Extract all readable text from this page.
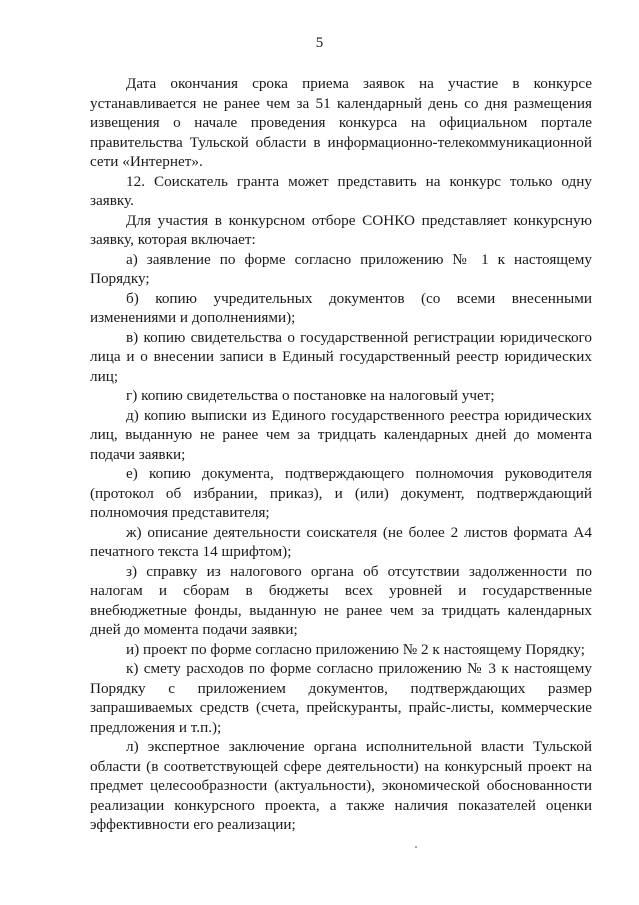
5

Дата окончания срока приема заявок на участие в конкурсе устанавливается не ранее чем за 51 календарный день со дня размещения извещения о начале проведения конкурса на официальном портале правительства Тульской области в информационно-телекоммуникационной сети «Интернет».

12. Соискатель гранта может представить на конкурс только одну заявку.

Для участия в конкурсном отборе СОНКО представляет конкурсную заявку, которая включает:

а) заявление по форме согласно приложению № 1 к настоящему Порядку;

б) копию учредительных документов (со всеми внесенными изменениями и дополнениями);

в) копию свидетельства о государственной регистрации юридического лица и о внесении записи в Единый государственный реестр юридических лиц;

г) копию свидетельства о постановке на налоговый учет;

д) копию выписки из Единого государственного реестра юридических лиц, выданную не ранее чем за тридцать календарных дней до момента подачи заявки;

е) копию документа, подтверждающего полномочия руководителя (протокол об избрании, приказ), и (или) документ, подтверждающий полномочия представителя;

ж) описание деятельности соискателя (не более 2 листов формата А4 печатного текста 14 шрифтом);

з) справку из налогового органа об отсутствии задолженности по налогам и сборам в бюджеты всех уровней и государственные внебюджетные фонды, выданную не ранее чем за тридцать календарных дней до момента подачи заявки;

и) проект по форме согласно приложению № 2 к настоящему Порядку;

к) смету расходов по форме согласно приложению № 3 к настоящему Порядку с приложением документов, подтверждающих размер запрашиваемых средств (счета, прейскуранты, прайс-листы, коммерческие предложения и т.п.);

л) экспертное заключение органа исполнительной власти Тульской области (в соответствующей сфере деятельности) на конкурсный проект на предмет целесообразности (актуальности), экономической обоснованности реализации конкурсного проекта, а также наличия показателей оценки эффективности его реализации;
